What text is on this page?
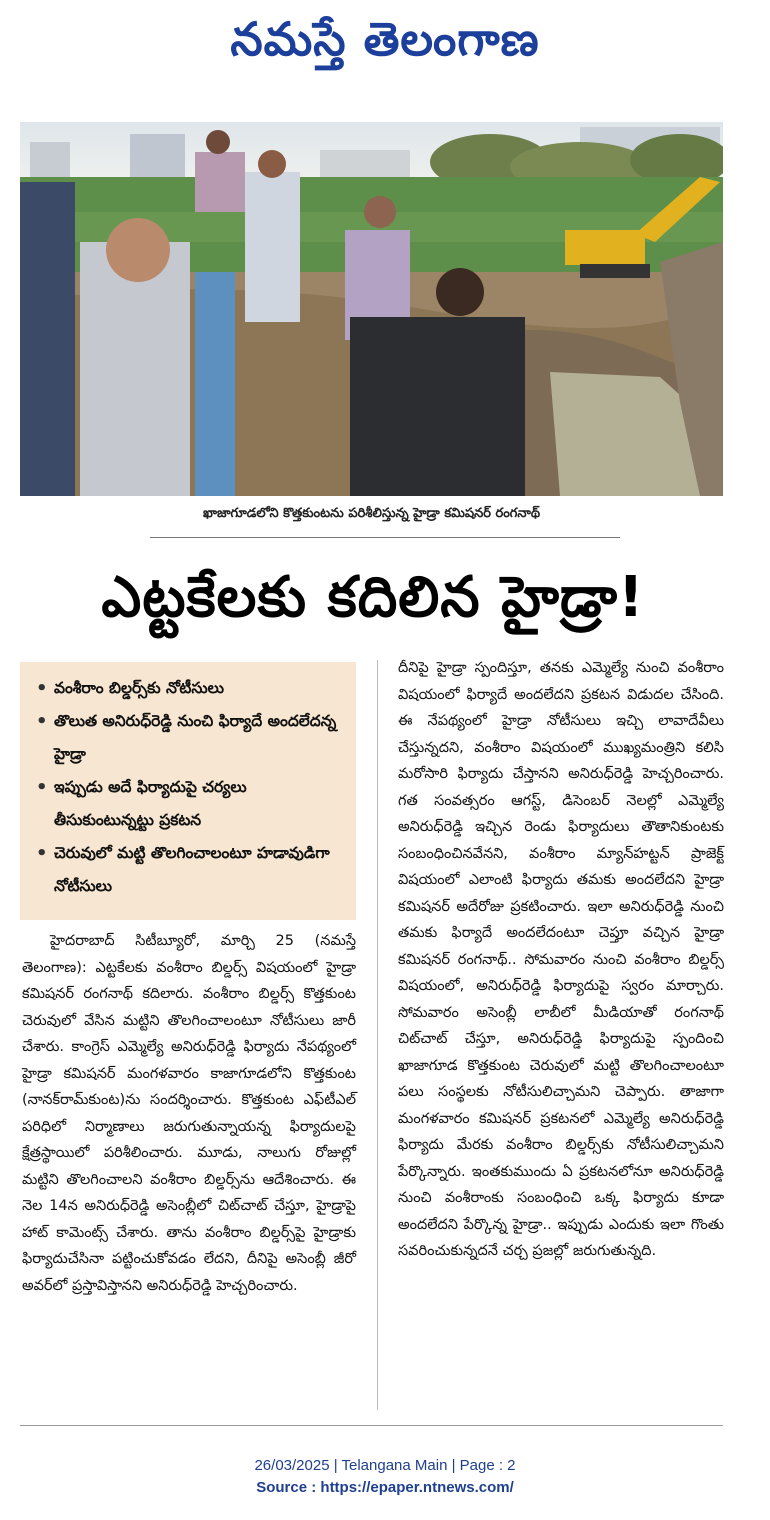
నమస్తే తెలంగాణ
ఖాజాగూడలోని కొత్తకుంటను పరిశీలిస్తున్న హైడ్రా కమిషనర్ రంగనాథ్
ఎట్టకేలకు కదిలిన హైడ్రా!
• వంశీరాం బిల్డర్స్‌కు నోటీసులు
• తొలుత అనిరుధ్‌రెడ్డి నుంచి ఫిర్యాదే అందలేదన్న హైడ్రా
• ఇప్పుడు అదే ఫిర్యాదుపై చర్యలు తీసుకుంటున్నట్టు ప్రకటన
• చెరువులో మట్టి తొలగించాలంటూ హడావుడిగా నోటీసులు

హైదరాబాద్ సిటీబ్యూరో, మార్చి 25 (నమస్తే తెలంగాణ): ఎట్టకేలకు వంశీరాం బిల్డర్స్ విషయంలో హైడ్రా కమిషనర్ రంగనాథ్ కదిలారు. వంశీరాం బిల్డర్స్ కొత్తకుంట చెరువులో వేసిన మట్టిని తొలగించాలంటూ నోటీసులు జారీ చేశారు. కాంగ్రెస్ ఎమ్మెల్యే అనిరుధ్‌రెడ్డి ఫిర్యాదు నేపథ్యంలో హైడ్రా కమిషనర్ మంగళవారం కాజాగూడలోని కొత్తకుంట (నానక్‌రామ్‌కుంట)ను సందర్శించారు. కొత్తకుంట ఎఫ్‌టీఎల్ పరిధిలో నిర్మాణాలు జరుగుతున్నాయన్న ఫిర్యాదులపై క్షేత్రస్థాయిలో పరిశీలించారు. మూడు, నాలుగు రోజుల్లో మట్టిని తొలగించాలని వంశీరాం బిల్డర్స్‌ను ఆదేశించారు. ఈ నెల 14న అనిరుధ్‌రెడ్డి అసెంబ్లీలో చిట్‌చాట్ చేస్తూ, హైడ్రాపై హాట్ కామెంట్స్ చేశారు. తాను వంశీరాం బిల్డర్స్‌పై హైడ్రాకు ఫిర్యాదుచేసినా పట్టించుకోవడం లేదని, దీనిపై అసెంబ్లీ జీరో అవర్‌లో ప్రస్తావిస్తానని అనిరుధ్‌రెడ్డి హెచ్చరించారు.

దీనిపై హైడ్రా స్పందిస్తూ, తనకు ఎమ్మెల్యే నుంచి వంశీరాం విషయంలో ఫిర్యాదే అందలేదని ప్రకటన విడుదల చేసింది. ఈ నేపథ్యంలో హైడ్రా నోటీసులు ఇచ్చి లావాదేవీలు చేస్తున్నదని, వంశీరాం విషయంలో ముఖ్యమంత్రిని కలిసి మరోసారి ఫిర్యాదు చేస్తానని అనిరుధ్‌రెడ్డి హెచ్చరించారు. గత సంవత్సరం ఆగస్ట్, డిసెంబర్ నెలల్లో ఎమ్మెల్యే అనిరుధ్‌రెడ్డి ఇచ్చిన రెండు ఫిర్యాదులు తౌతానికుంటకు సంబంధించినవేనని, వంశీరాం మ్యాన్‌హట్టన్ ప్రాజెక్ట్ విషయంలో ఎలాంటి ఫిర్యాదు తమకు అందలేదని హైడ్రా కమిషనర్ అదేరోజు ప్రకటించారు. ఇలా అనిరుధ్‌రెడ్డి నుంచి తమకు ఫిర్యాదే అందలేదంటూ చెప్తూ వచ్చిన హైడ్రా కమిషనర్ రంగనాథ్.. సోమవారం నుంచి వంశీరాం బిల్డర్స్ విషయంలో, అనిరుధ్‌రెడ్డి ఫిర్యాదుపై స్వరం మార్చారు. సోమవారం అసెంబ్లీ లాబీలో మీడియాతో రంగనాథ్ చిట్‌చాట్ చేస్తూ, అనిరుధ్‌రెడ్డి ఫిర్యాదుపై స్పందించి ఖాజాగూడ కొత్తకుంట చెరువులో మట్టి తొలగించాలంటూ పలు సంస్థలకు నోటీసులిచ్చామని చెప్పారు. తాజాగా మంగళవారం కమిషనర్ ప్రకటనలో ఎమ్మెల్యే అనిరుధ్‌రెడ్డి ఫిర్యాదు మేరకు వంశీరాం బిల్డర్స్‌కు నోటీసులిచ్చామని పేర్కొన్నారు. ఇంతకుముందు ఏ ప్రకటనలోనూ అనిరుధ్‌రెడ్డి నుంచి వంశీరాంకు సంబంధించి ఒక్క ఫిర్యాదు కూడా అందలేదని పేర్కొన్న హైడ్రా.. ఇప్పుడు ఎందుకు ఇలా గొంతు సవరించుకున్నదనే చర్చ ప్రజల్లో జరుగుతున్నది.

26/03/2025 | Telangana Main | Page : 2
Source : https://epaper.ntnews.com/
